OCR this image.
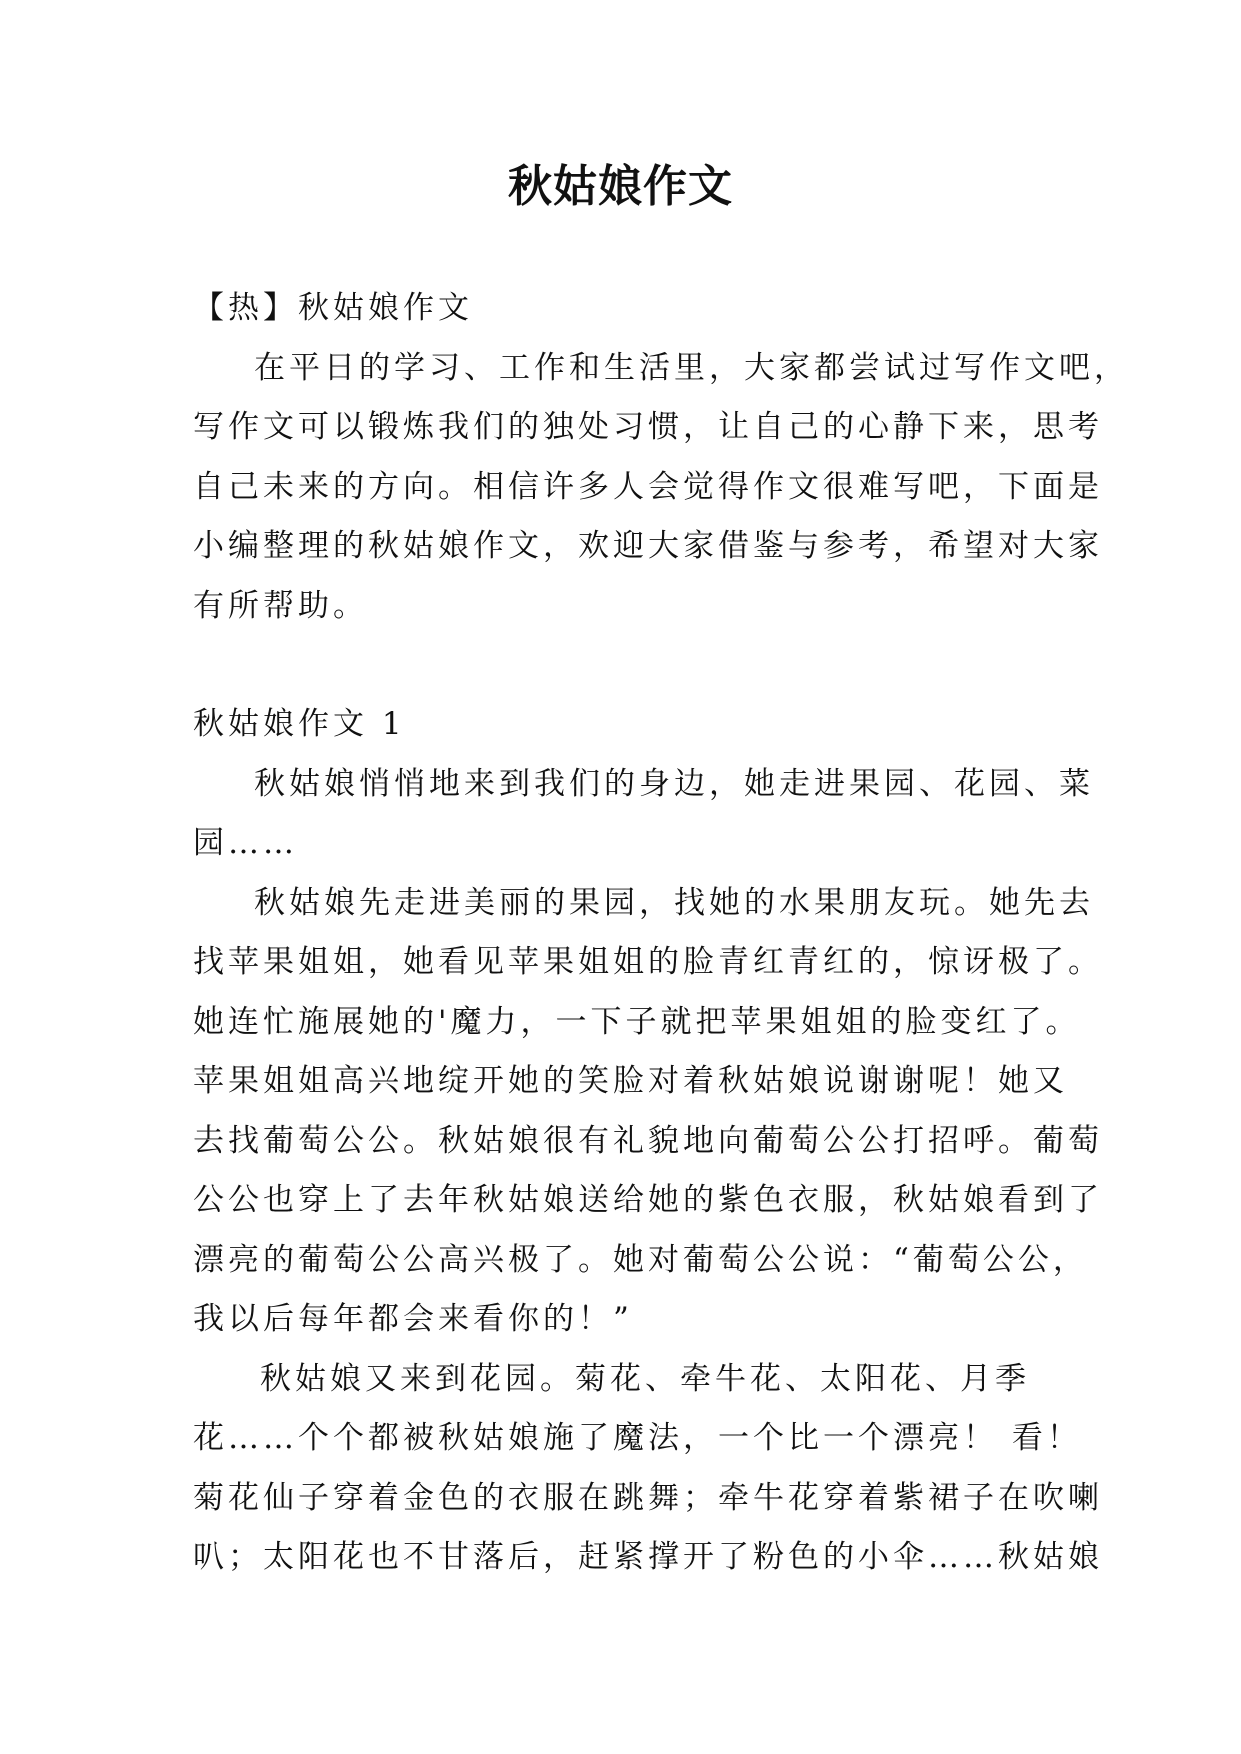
秋姑娘作文
【热】秋姑娘作文
在平日的学习、工作和生活里，大家都尝试过写作文吧，
写作文可以锻炼我们的独处习惯，让自己的心静下来，思考
自己未来的方向。相信许多人会觉得作文很难写吧，下面是
小编整理的秋姑娘作文，欢迎大家借鉴与参考，希望对大家
有所帮助。
秋姑娘作文 1
秋姑娘悄悄地来到我们的身边，她走进果园、花园、菜
园……
秋姑娘先走进美丽的果园，找她的水果朋友玩。她先去
找苹果姐姐，她看见苹果姐姐的脸青红青红的，惊讶极了。
她连忙施展她的'魔力，一下子就把苹果姐姐的脸变红了。
苹果姐姐高兴地绽开她的笑脸对着秋姑娘说谢谢呢！她又
去找葡萄公公。秋姑娘很有礼貌地向葡萄公公打招呼。葡萄
公公也穿上了去年秋姑娘送给她的紫色衣服，秋姑娘看到了
漂亮的葡萄公公高兴极了。她对葡萄公公说：“葡萄公公，
我以后每年都会来看你的！”
秋姑娘又来到花园。菊花、牵牛花、太阳花、月季
花……个个都被秋姑娘施了魔法，一个比一个漂亮！ 看！
菊花仙子穿着金色的衣服在跳舞；牵牛花穿着紫裙子在吹喇
叭；太阳花也不甘落后，赶紧撑开了粉色的小伞……秋姑娘
